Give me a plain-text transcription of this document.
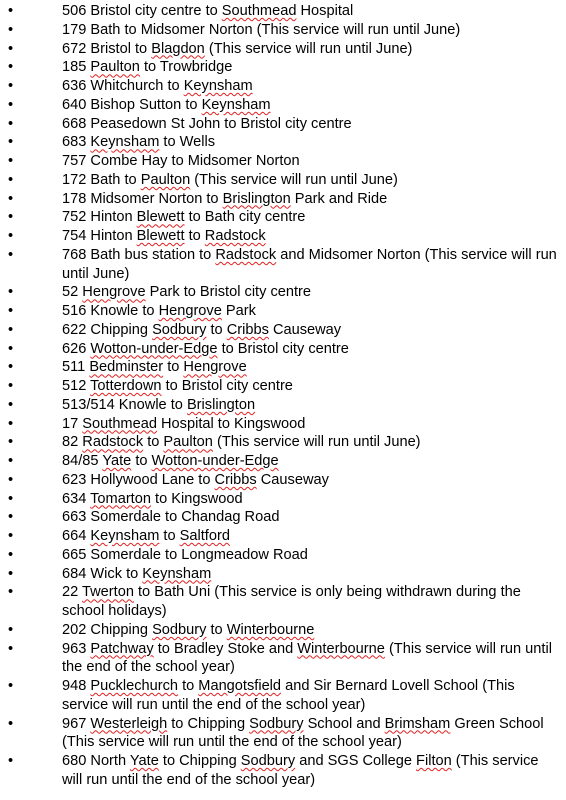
• 506 Bristol city centre to Southmead Hospital
• 179 Bath to Midsomer Norton (This service will run until June)
• 672 Bristol to Blagdon (This service will run until June)
• 185 Paulton to Trowbridge
• 636 Whitchurch to Keynsham
• 640 Bishop Sutton to Keynsham
• 668 Peasedown St John to Bristol city centre
• 683 Keynsham to Wells
• 757 Combe Hay to Midsomer Norton
• 172 Bath to Paulton (This service will run until June)
• 178 Midsomer Norton to Brislington Park and Ride
• 752 Hinton Blewett to Bath city centre
• 754 Hinton Blewett to Radstock
• 768 Bath bus station to Radstock and Midsomer Norton (This service will run until June)
• 52 Hengrove Park to Bristol city centre
• 516 Knowle to Hengrove Park
• 622 Chipping Sodbury to Cribbs Causeway
• 626 Wotton-under-Edge to Bristol city centre
• 511 Bedminster to Hengrove
• 512 Totterdown to Bristol city centre
• 513/514 Knowle to Brislington
• 17 Southmead Hospital to Kingswood
• 82 Radstock to Paulton (This service will run until June)
• 84/85 Yate to Wotton-under-Edge
• 623 Hollywood Lane to Cribbs Causeway
• 634 Tomarton to Kingswood
• 663 Somerdale to Chandag Road
• 664 Keynsham to Saltford
• 665 Somerdale to Longmeadow Road
• 684 Wick to Keynsham
• 22 Twerton to Bath Uni (This service is only being withdrawn during the school holidays)
• 202 Chipping Sodbury to Winterbourne
• 963 Patchway to Bradley Stoke and Winterbourne (This service will run until the end of the school year)
• 948 Pucklechurch to Mangotsfield and Sir Bernard Lovell School (This service will run until the end of the school year)
• 967 Westerleigh to Chipping Sodbury School and Brimsham Green School (This service will run until the end of the school year)
• 680 North Yate to Chipping Sodbury and SGS College Filton (This service will run until the end of the school year)
